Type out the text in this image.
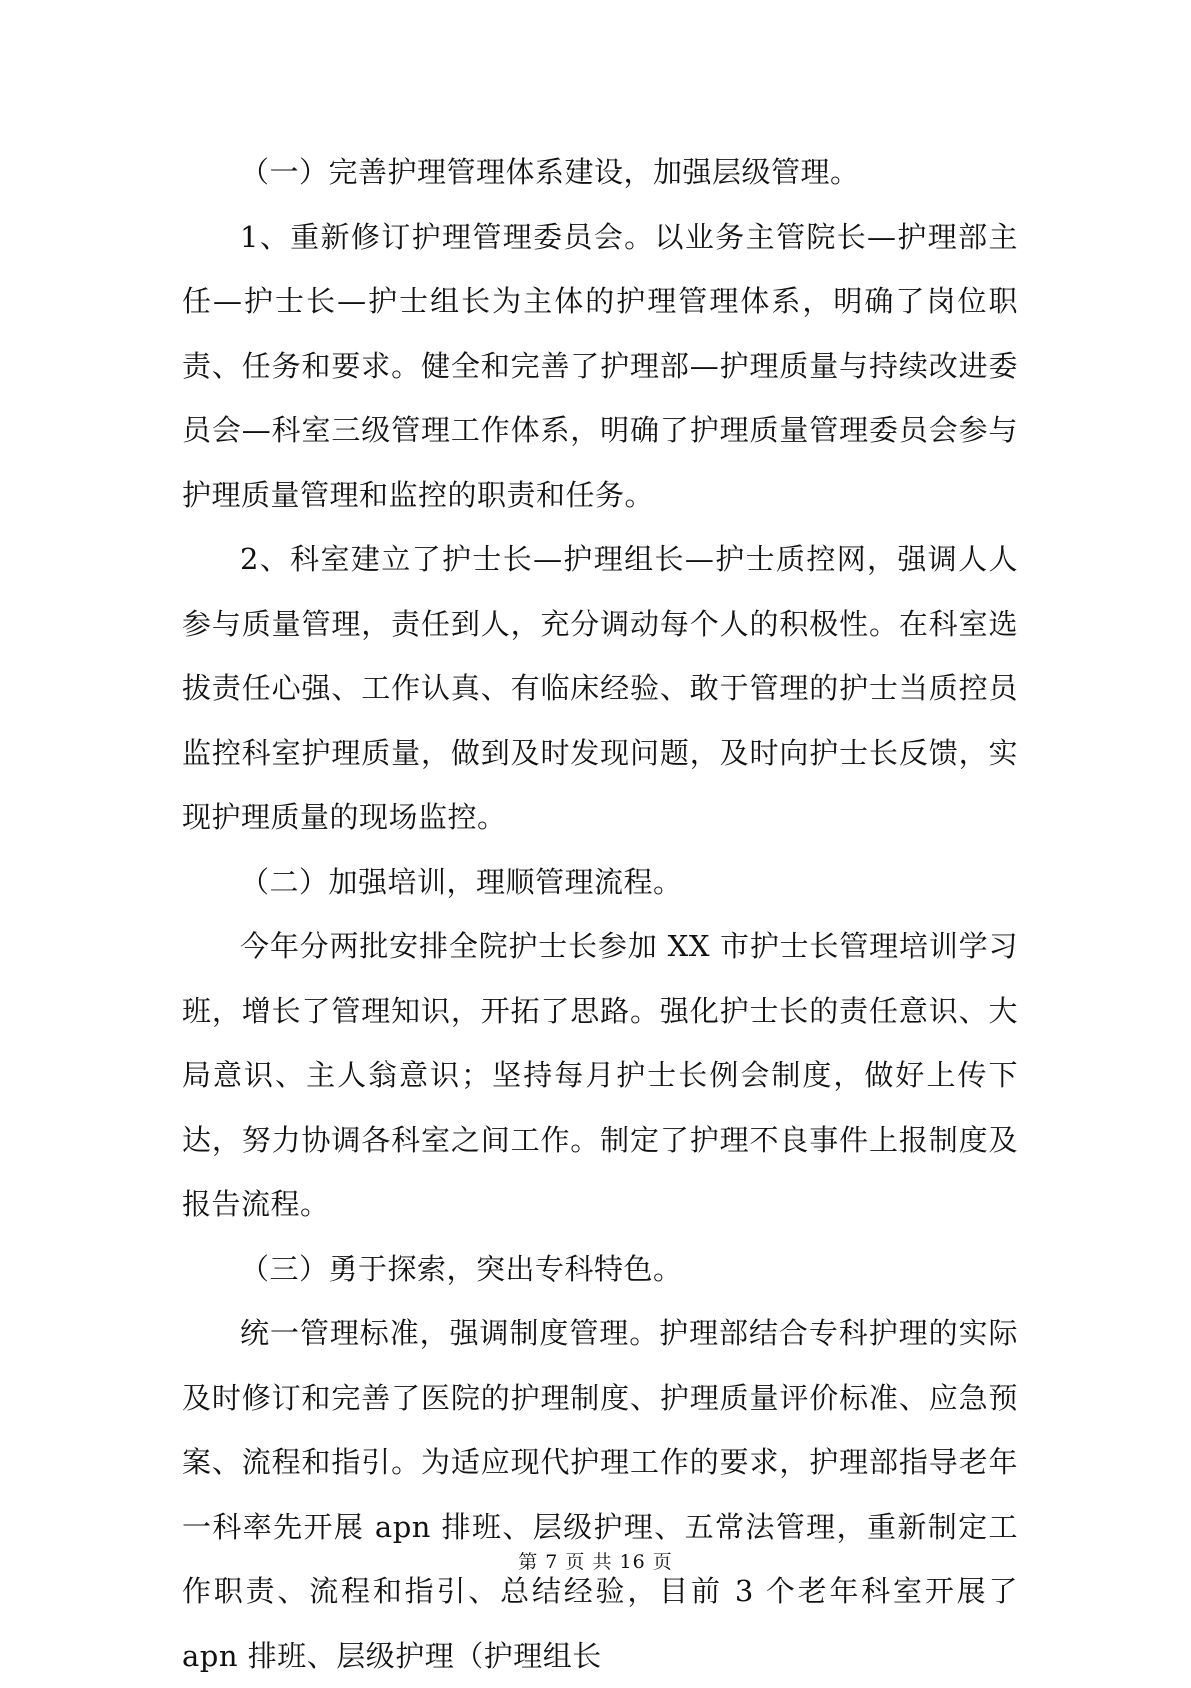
（一）完善护理管理体系建设，加强层级管理。

1、重新修订护理管理委员会。以业务主管院长—护理部主任—护士长—护士组长为主体的护理管理体系，明确了岗位职责、任务和要求。健全和完善了护理部—护理质量与持续改进委员会—科室三级管理工作体系，明确了护理质量管理委员会参与护理质量管理和监控的职责和任务。

2、科室建立了护士长—护理组长—护士质控网，强调人人参与质量管理，责任到人，充分调动每个人的积极性。在科室选拔责任心强、工作认真、有临床经验、敢于管理的护士当质控员监控科室护理质量，做到及时发现问题，及时向护士长反馈，实现护理质量的现场监控。

（二）加强培训，理顺管理流程。

今年分两批安排全院护士长参加 XX 市护士长管理培训学习班，增长了管理知识，开拓了思路。强化护士长的责任意识、大局意识、主人翁意识；坚持每月护士长例会制度，做好上传下达，努力协调各科室之间工作。制定了护理不良事件上报制度及报告流程。

（三）勇于探索，突出专科特色。

统一管理标准，强调制度管理。护理部结合专科护理的实际及时修订和完善了医院的护理制度、护理质量评价标准、应急预案、流程和指引。为适应现代护理工作的要求，护理部指导老年一科率先开展 apn 排班、层级护理、五常法管理，重新制定工作职责、流程和指引、总结经验，目前 3 个老年科室开展了 apn 排班、层级护理（护理组长

第 7 页 共 16 页
